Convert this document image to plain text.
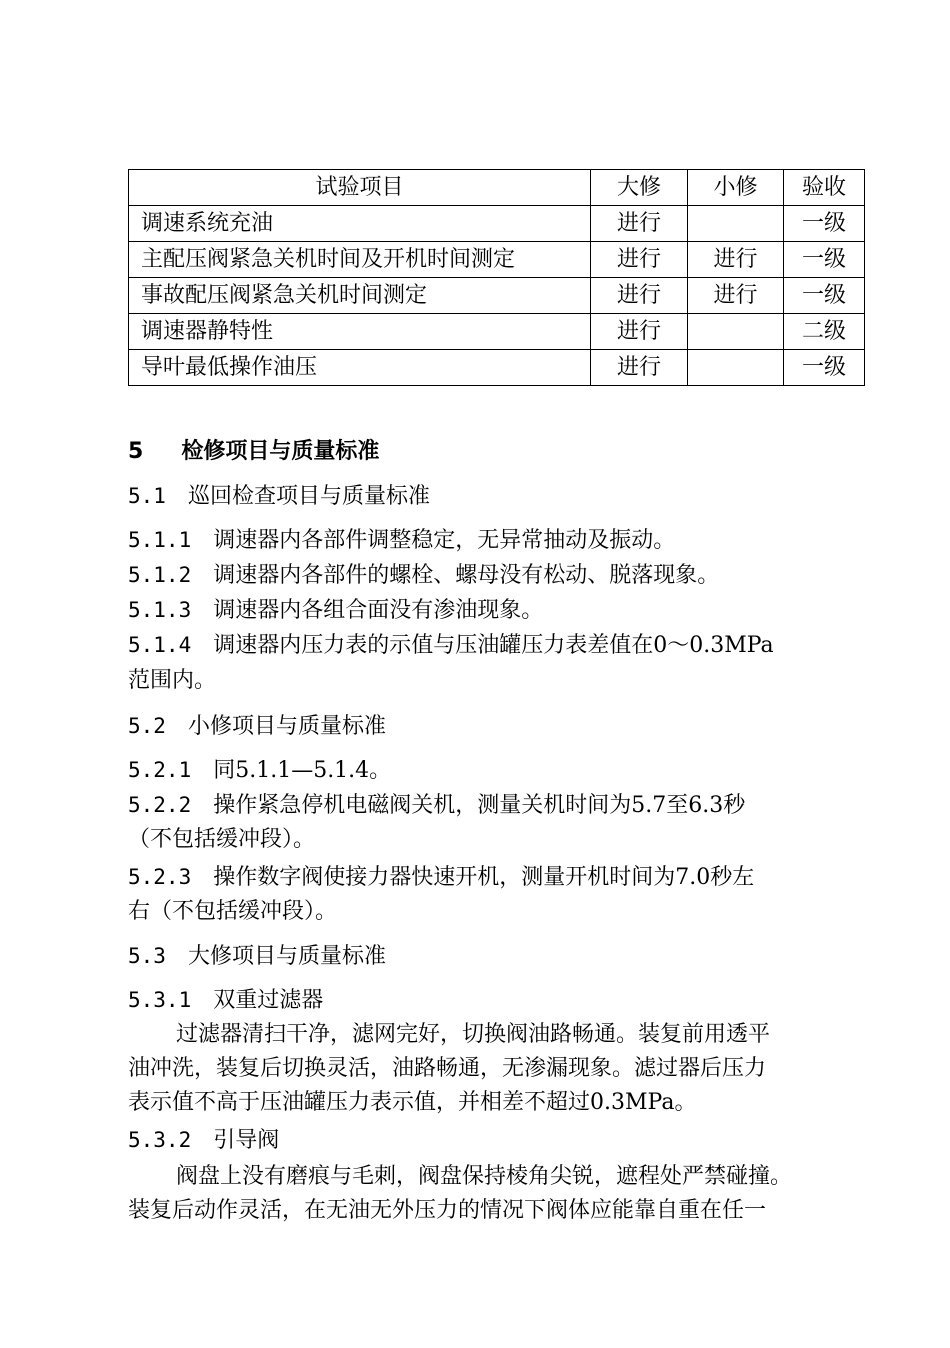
试验项目	大修	小修	验收
调速系统充油	进行		一级
主配压阀紧急关机时间及开机时间测定	进行	进行	一级
事故配压阀紧急关机时间测定	进行	进行	一级
调速器静特性	进行		二级
导叶最低操作油压	进行		一级
5 检修项目与质量标准
5.1 巡回检查项目与质量标准
5.1.1 调速器内各部件调整稳定，无异常抽动及振动。
5.1.2 调速器内各部件的螺栓、螺母没有松动、脱落现象。
5.1.3 调速器内各组合面没有渗油现象。
5.1.4 调速器内压力表的示值与压油罐压力表差值在0～0.3MPa
范围内。
5.2 小修项目与质量标准
5.2.1 同5.1.1—5.1.4。
5.2.2 操作紧急停机电磁阀关机，测量关机时间为5.7至6.3秒
（不包括缓冲段）。
5.2.3 操作数字阀使接力器快速开机，测量开机时间为7.0秒左
右（不包括缓冲段）。
5.3 大修项目与质量标准
5.3.1 双重过滤器

过滤器清扫干净，滤网完好，切换阀油路畅通。装复前用透平

油冲洗，装复后切换灵活，油路畅通，无渗漏现象。滤过器后压力

表示值不高于压油罐压力表示值，并相差不超过0.3MPa。

5.3.2 引导阀

阀盘上没有磨痕与毛刺，阀盘保持棱角尖锐，遮程处严禁碰撞。

装复后动作灵活，在无油无外压力的情况下阀体应能靠自重在任一
